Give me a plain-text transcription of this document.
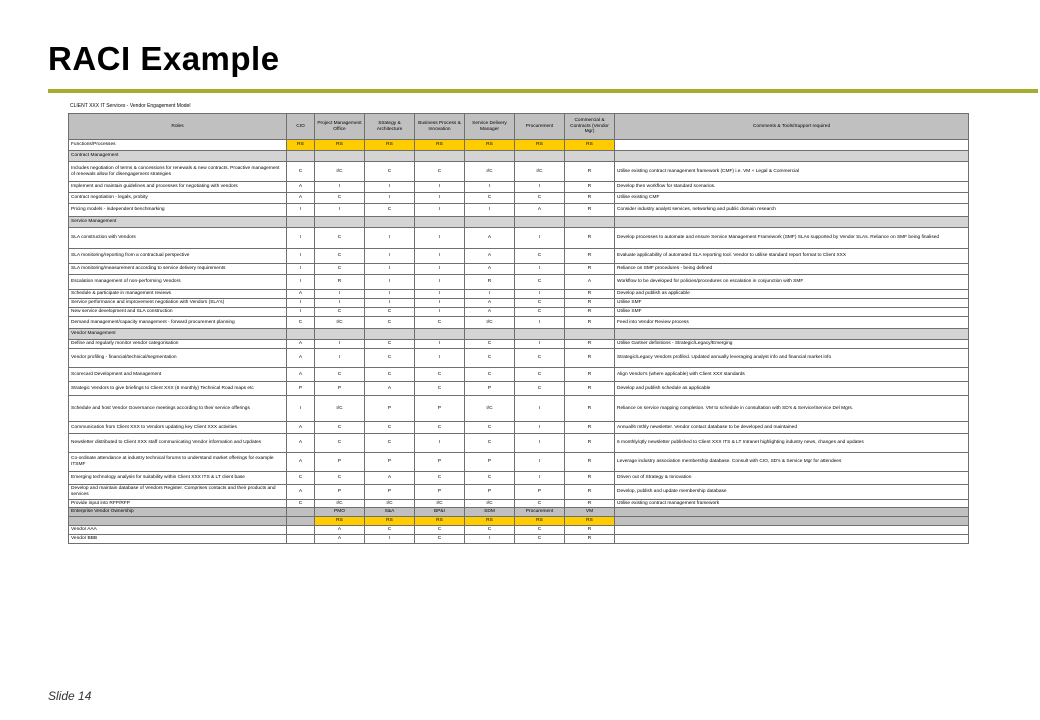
RACI Example
CLIENT XXX IT Services - Vendor Engagement Model
Roles	CIO	Project Management Office	Strategy & Architecture	Business Process & Innovation	Service Delivery Manager	Procurement	Commercial & Contracts (Vendor Mgr)	Comments & Tools/Support required
Functions/Processes	RS	RS	RS	RS	RS	RS	RS	
Contract Management								
Includes negotiation of terms & concessions for renewals & new contracts. Proactive management of renewals allow for disengagement strategies	C	I/C	C	C	I/C	I/C	R	Utilise existing contract management framework (CMF) i.e. VM + Legal & Commercial
Implement and maintain guidelines and processes for negotiating with vendors	A	I	I	I	I	I	R	Develop then workflow for standard scenarios.
Contract negotiation - legals, probity	A	C	I	I	C	C	R	Utilise existing CMF
Pricing models - independent benchmarking	I	I	C	I	I	A	R	Consider industry analyst services, networking and public domain research
Service Management								
SLA construction with Vendors	I	C	I	I	A	I	R	Develop processes to automate and ensure Service Management Framework (SMF) SLAs supported by Vendor SLAs. Reliance on SMF being finalised
SLA monitoring/reporting from a contractual perspective	I	C	I	I	A	C	R	Evaluate applicability of automated SLA reporting tool. Vendor to utilise standard report format to Client XXX
SLA monitoring/measurement according to service delivery requirements	I	C	I	I	A	I	R	Reliance on SMF procedures - being defined
Escalation management of non-performing Vendors	I	R	I	I	R	C	A	Workflow to be developed for policies/procedures on escalation in conjunction with SMF
Schedule & participate in management reviews	A	I	I	I	I	I	R	Develop and publish as applicable
Service performance and improvement negotiation with Vendors (SLA's)	I	I	I	I	A	C	R	Utilise SMF
New service development and SLA construction	I	C	C	I	A	C	R	Utilise SMF
Demand management/capacity management - forward procurement planning	C	I/C	C	C	I/C	I	R	Feed into Vendor Review process
Vendor Management								
Define and regularly monitor vendor categorisation	A	I	C	I	C	I	R	Utilise Gartner definitions - Strategic/Legacy/Emerging
Vendor profiling - financial/technical/segmentation	A	I	C	I	C	C	R	Strategic/Legacy Vendors profiled. Updated annually leveraging analyst info and financial market info
Scorecard Development and Management	A	C	C	C	C	C	R	Align Vendor's (where applicable) with Client XXX standards
Strategic Vendors to give briefings to Client XXX (6 monthly) Technical Road maps etc	P	P	A	C	P	C	R	Develop and publish schedule as applicable
Schedule and host Vendor Governance meetings according to their service offerings	I	I/C	P	P	I/C	I	R	Reliance on service mapping completion. VM to schedule in consultation with SD's & Service/Service Del Mgrs.
Communication from Client XXX to Vendors updating key Client XXX activities	A	C	C	C	C	I	R	Annual/6 mthly newsletter. Vendor contact database to be developed and maintained
Newsletter distributed to Client XXX staff communicating Vendor information and Updates	A	C	C	I	C	I	R	6 monthly/qtly newsletter published to Client XXX ITS & LT Intranet highlighting industry news, changes and updates
Co-ordinate attendance at industry technical forums to understand market offerings for example ITSMF	A	P	P	P	P	I	R	Leverage industry association membership database. Consult with CIO, SD's & Service Mgr for attendees
Emerging technology analysis for suitability within Client XXX ITS & LT client base	C	C	A	C	C	I	R	Driven out of Strategy & Innovation
Develop and maintain database of Vendors Register. Comprises contacts and their products and services	A	P	P	P	P	P	R	Develop, publish and update membership database
Provide input into RFP/RFP	C	I/C	I/C	I/C	I/C	C	R	Utilise existing contract management framework
Enterprise Vendor Ownership		PMO	S&A	BP&I	SDM	Procurement	VM	
		RS	RS	RS	RS	RS	RS	
Vendor AAA		A	C	C	C	C	R	
Vendor BBB		A	I	C	I	C	R	
Slide 14
